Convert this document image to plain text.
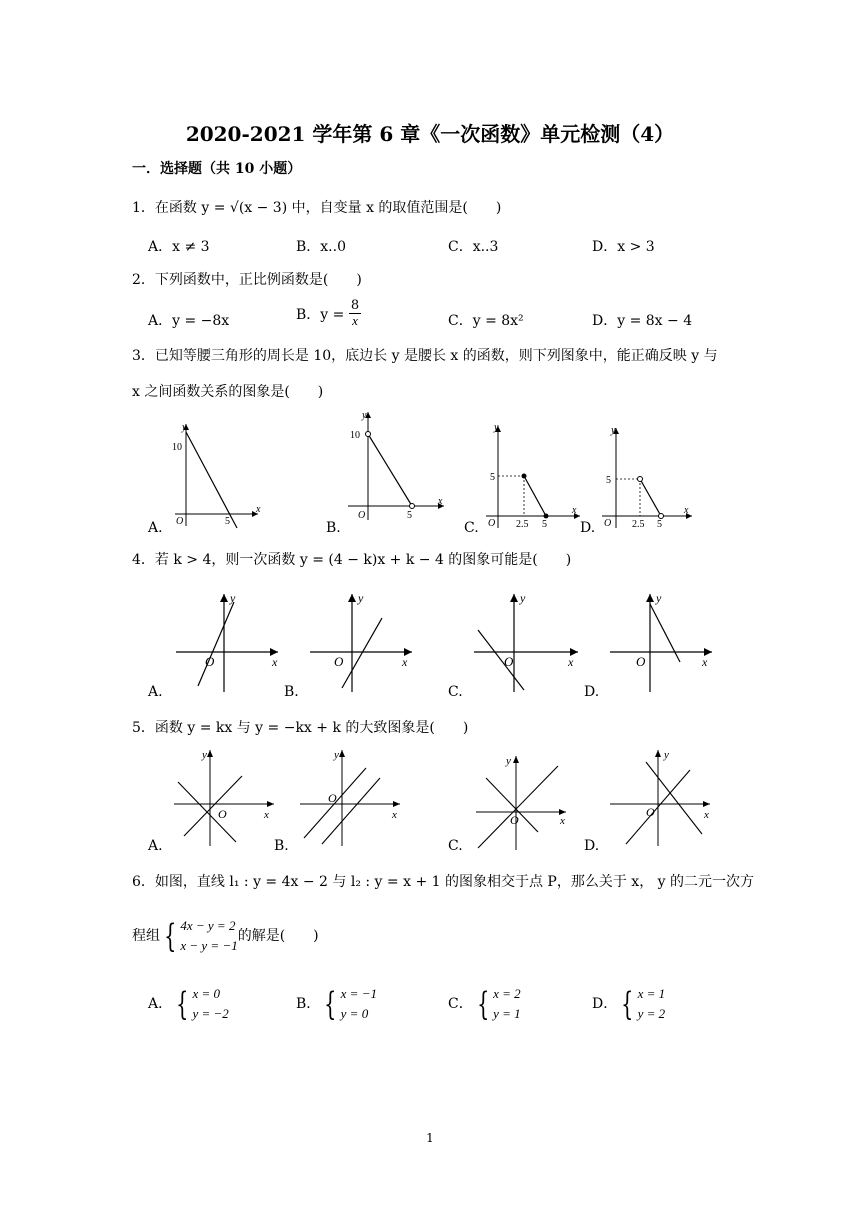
2020-2021 学年第 6 章《一次函数》单元检测（4）
一．选择题（共 10 小题）
1．在函数 y = √(x − 3) 中，自变量 x 的取值范围是(　　)
A．x ≠ 3	B．x..0	C．x..3	D．x > 3
2．下列函数中，正比例函数是(　　)
A．y = −8x	B．$y = \frac{8}{x}$	C．y = 8x²	D．y = 8x − 4
3．已知等腰三角形的周长是 10，底边长 y 是腰长 x 的函数，则下列图象中，能正确反映 y 与
x 之间函数关系的图象是(　　)
10
5
O
x
y
A.
10
5
O
x
y
B.
5
2.5 5
O
x
y
C.
5
2.5 5
O
x
y
D.
4．若 k > 4，则一次函数 y = (4 − k)x + k − 4 的图象可能是(　　)
O	x
y
A.
O	x
y
B.
O	x
y
C.
O	x
y
D.
5．函数 y = kx 与 y = −kx + k 的大致图象是(　　)
O	x
y
A.
O
x
y
B.
O	x
y
C.
O	x
y
D.
6．如图，直线 l₁ : y = 4x − 2 与 l₂ : y = x + 1 的图象相交于点 P，那么关于 x， y 的二元一次方
程组 { 4x − y = 2
x − y = −1
的解是(　　)
A． { x = 0
y = −2
B． { x = −1
y = 0
C． { x = 2
y = 1
D． { x = 1
y = 2
1
